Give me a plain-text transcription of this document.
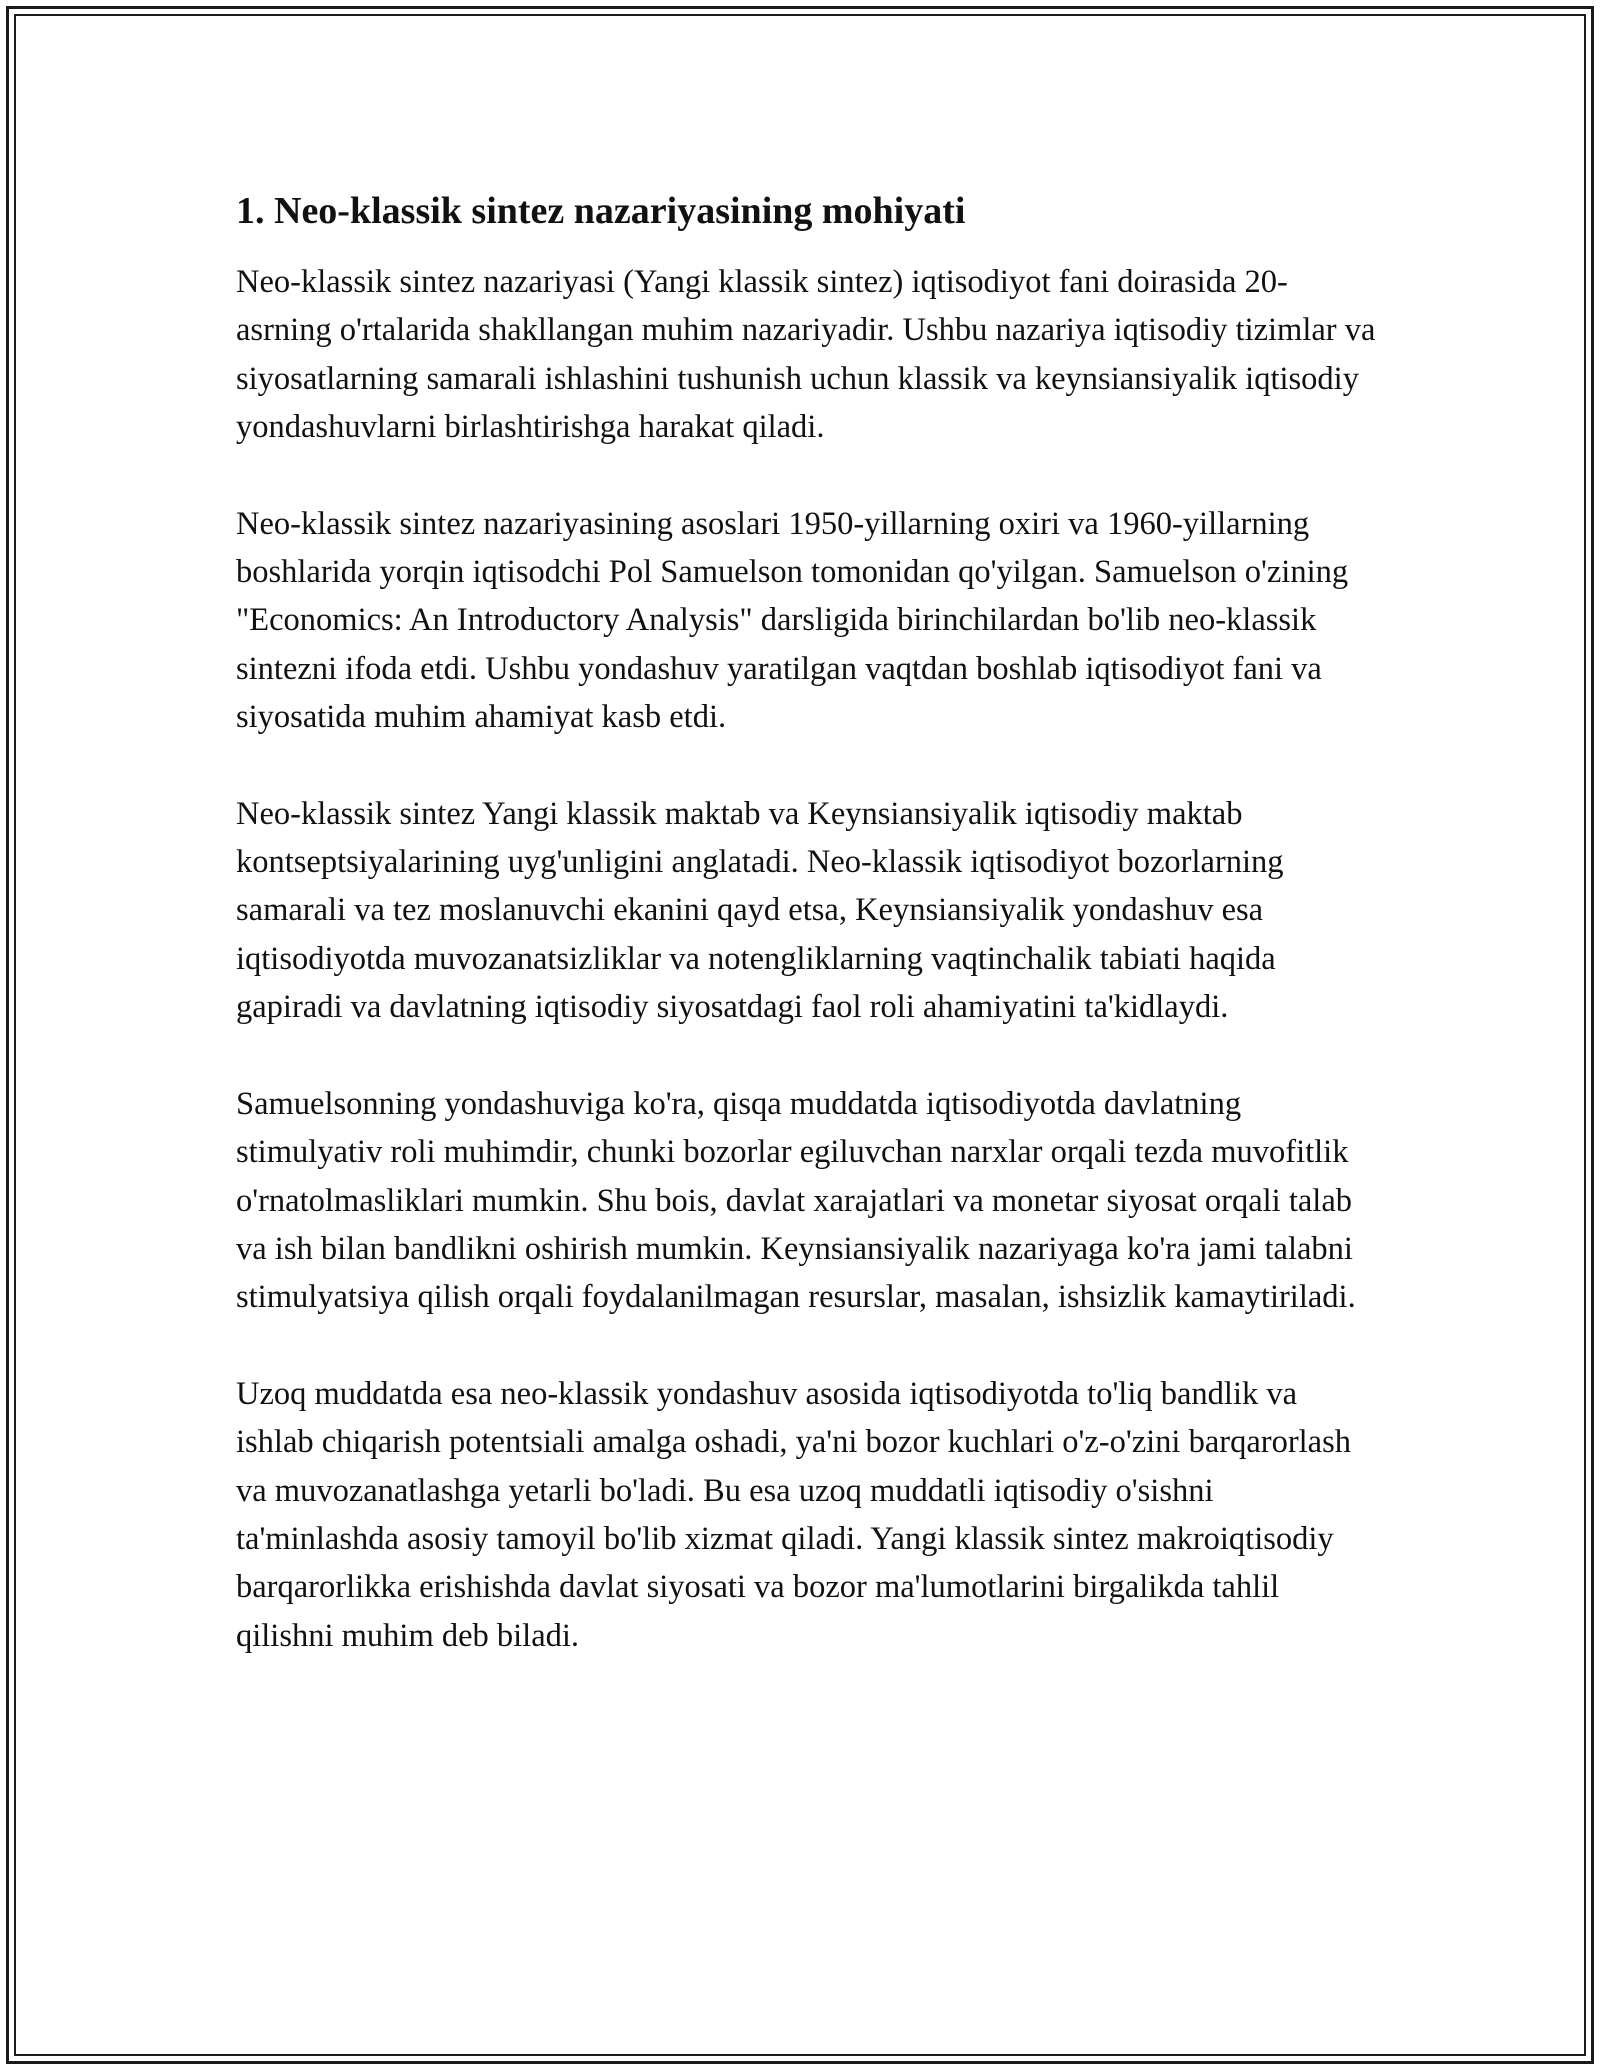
1. Neo-klassik sintez nazariyasining mohiyati

Neo-klassik sintez nazariyasi (Yangi klassik sintez) iqtisodiyot fani doirasida 20-asrning o'rtalarida shakllangan muhim nazariyadir. Ushbu nazariya iqtisodiy tizimlar va siyosatlarning samarali ishlashini tushunish uchun klassik va keynsiansiyalik iqtisodiy yondashuvlarni birlashtirishga harakat qiladi.

Neo-klassik sintez nazariyasining asoslari 1950-yillarning oxiri va 1960-yillarning boshlarida yorqin iqtisodchi Pol Samuelson tomonidan qo'yilgan. Samuelson o'zining "Economics: An Introductory Analysis" darsligida birinchilardan bo'lib neo-klassik sintezni ifoda etdi. Ushbu yondashuv yaratilgan vaqtdan boshlab iqtisodiyot fani va siyosatida muhim ahamiyat kasb etdi.

Neo-klassik sintez Yangi klassik maktab va Keynsiansiyalik iqtisodiy maktab kontseptsiyalarining uyg'unligini anglatadi. Neo-klassik iqtisodiyot bozorlarning samarali va tez moslanuvchi ekanini qayd etsa, Keynsiansiyalik yondashuv esa iqtisodiyotda muvozanatsizliklar va notengliklarning vaqtinchalik tabiati haqida gapiradi va davlatning iqtisodiy siyosatdagi faol roli ahamiyatini ta'kidlaydi.

Samuelsonning yondashuviga ko'ra, qisqa muddatda iqtisodiyotda davlatning stimulyativ roli muhimdir, chunki bozorlar egiluvchan narxlar orqali tezda muvofitlik o'rnatolmasliklari mumkin. Shu bois, davlat xarajatlari va monetar siyosat orqali talab va ish bilan bandlikni oshirish mumkin. Keynsiansiyalik nazariyaga ko'ra jami talabni stimulyatsiya qilish orqali foydalanilmagan resurslar, masalan, ishsizlik kamaytiriladi.

Uzoq muddatda esa neo-klassik yondashuv asosida iqtisodiyotda to'liq bandlik va ishlab chiqarish potentsiali amalga oshadi, ya'ni bozor kuchlari o'z-o'zini barqarorlash va muvozanatlashga yetarli bo'ladi. Bu esa uzoq muddatli iqtisodiy o'sishni ta'minlashda asosiy tamoyil bo'lib xizmat qiladi. Yangi klassik sintez makroiqtisodiy barqarorlikka erishishda davlat siyosati va bozor ma'lumotlarini birgalikda tahlil qilishni muhim deb biladi.
